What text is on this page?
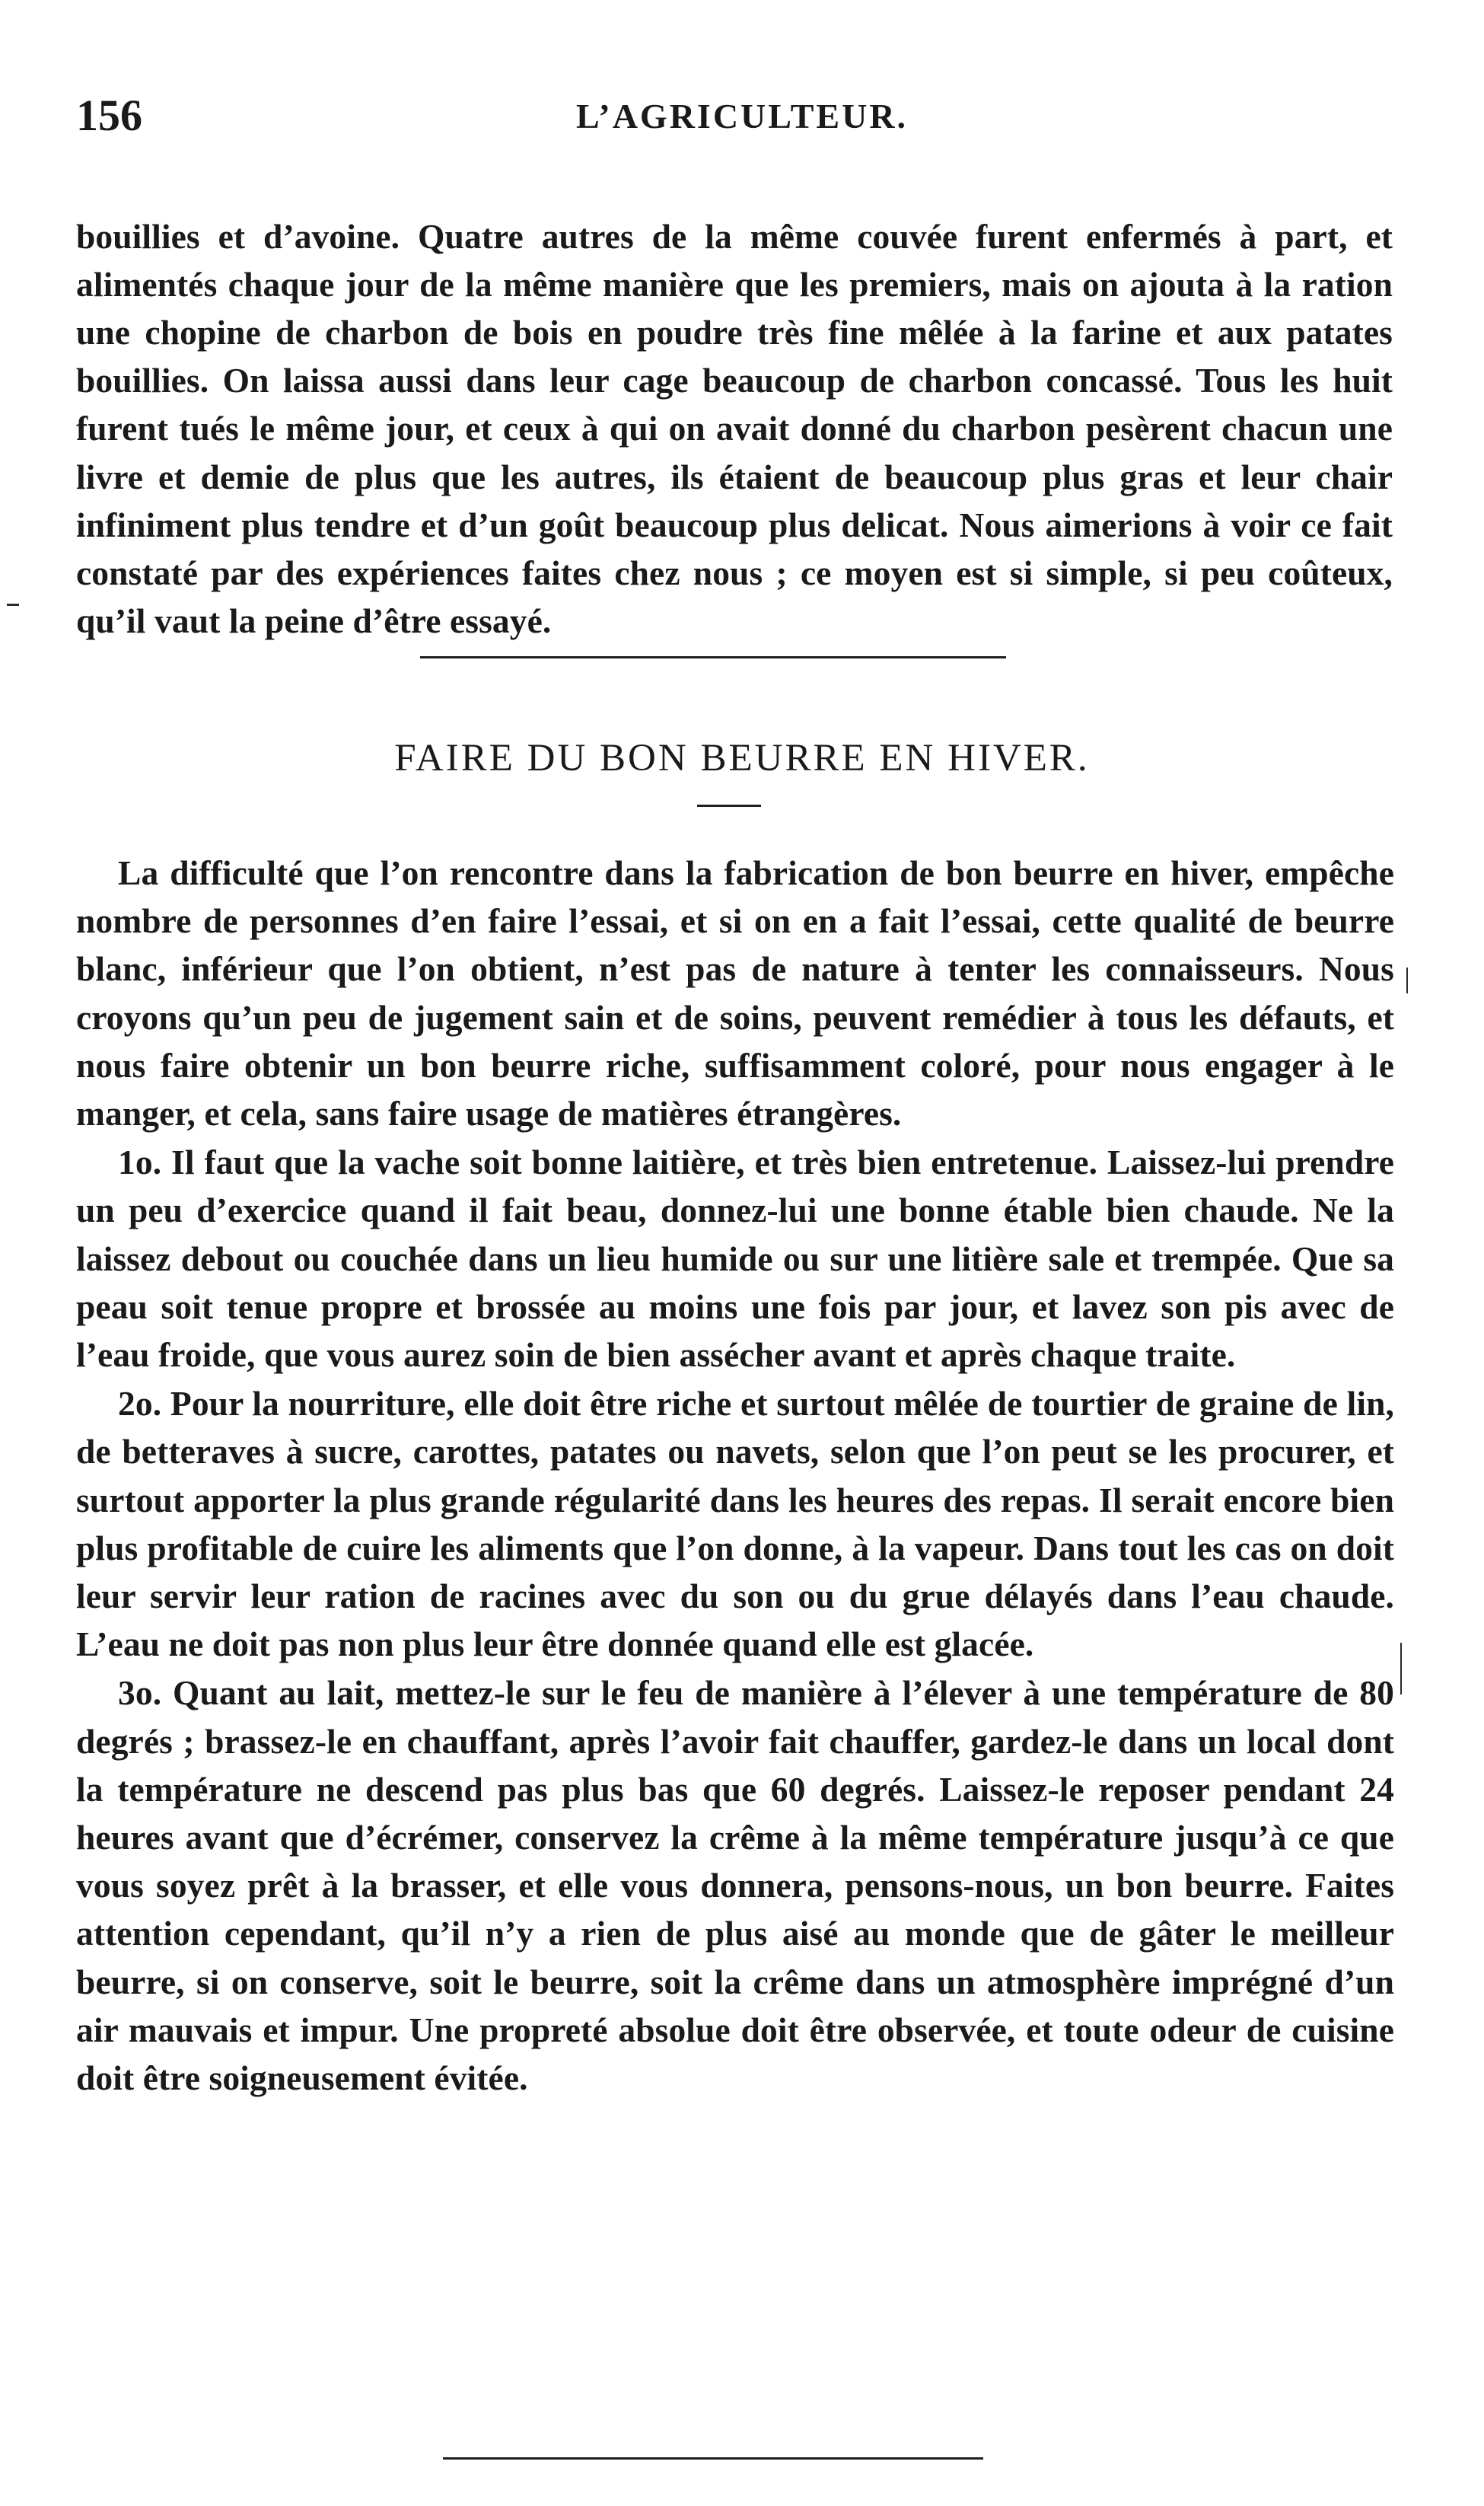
156	L’AGRICULTEUR.

bouillies et d’avoine. Quatre autres de la même couvée furent enfermés à part, et alimentés chaque jour de la même manière que les premiers, mais on ajouta à la ration une chopine de charbon de bois en poudre très fine mêlée à la farine et aux patates bouillies. On laissa aussi dans leur cage beaucoup de charbon concassé. Tous les huit furent tués le même jour, et ceux à qui on avait donné du charbon pesèrent chacun une livre et demie de plus que les autres, ils étaient de beaucoup plus gras et leur chair infiniment plus tendre et d’un goût beaucoup plus delicat. Nous aimerions à voir ce fait constaté par des expériences faites chez nous ; ce moyen est si simple, si peu coûteux, qu’il vaut la peine d’être essayé.

FAIRE DU BON BEURRE EN HIVER.

La difficulté que l’on rencontre dans la fabrication de bon beurre en hiver, empêche nombre de personnes d’en faire l’essai, et si on en a fait l’essai, cette qualité de beurre blanc, inférieur que l’on obtient, n’est pas de nature à tenter les connaisseurs. Nous croyons qu’un peu de jugement sain et de soins, peuvent remédier à tous les défauts, et nous faire obtenir un bon beurre riche, suffisamment coloré, pour nous engager à le manger, et cela, sans faire usage de matières étrangères.

1o. Il faut que la vache soit bonne laitière, et très bien entretenue. Laissez-lui prendre un peu d’exercice quand il fait beau, donnez-lui une bonne étable bien chaude. Ne la laissez debout ou couchée dans un lieu humide ou sur une litière sale et trempée. Que sa peau soit tenue propre et brossée au moins une fois par jour, et lavez son pis avec de l’eau froide, que vous aurez soin de bien assécher avant et après chaque traite.

2o. Pour la nourriture, elle doit être riche et surtout mêlée de tourtier de graine de lin, de betteraves à sucre, carottes, patates ou navets, selon que l’on peut se les procurer, et surtout apporter la plus grande régularité dans les heures des repas. Il serait encore bien plus profitable de cuire les aliments que l’on donne, à la vapeur. Dans tout les cas on doit leur servir leur ration de racines avec du son ou du grue délayés dans l’eau chaude. L’eau ne doit pas non plus leur être donnée quand elle est glacée.

3o. Quant au lait, mettez-le sur le feu de manière à l’élever à une température de 80 degrés ; brassez-le en chauffant, après l’avoir fait chauffer, gardez-le dans un local dont la température ne descend pas plus bas que 60 degrés. Laissez-le reposer pendant 24 heures avant que d’écrémer, conservez la crême à la même température jusqu’à ce que vous soyez prêt à la brasser, et elle vous donnera, pensons-nous, un bon beurre. Faites attention cependant, qu’il n’y a rien de plus aisé au monde que de gâter le meilleur beurre, si on conserve, soit le beurre, soit la crême dans un atmosphère imprégné d’un air mauvais et impur. Une propreté absolue doit être observée, et toute odeur de cuisine doit être soigneusement évitée.
